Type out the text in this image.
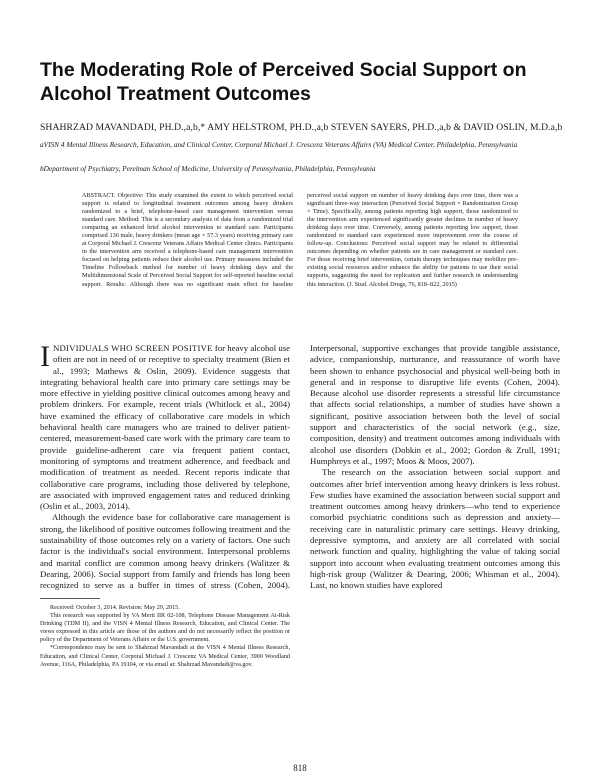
The Moderating Role of Perceived Social Support on
Alcohol Treatment Outcomes
SHAHRZAD MAVANDADI, PH.D.,a,b,* AMY HELSTROM, PH.D.,a,b STEVEN SAYERS, PH.D.,a,b & DAVID OSLIN, M.D.a,b
aVISN 4 Mental Illness Research, Education, and Clinical Center, Corporal Michael J. Crescenz Veterans Affairs (VA) Medical Center, Philadelphia, Pennsylvania
bDepartment of Psychiatry, Perelman School of Medicine, University of Pennsylvania, Philadelphia, Pennsylvania

ABSTRACT. Objective: This study examined the extent to which perceived social support is related to longitudinal treatment outcomes among heavy drinkers randomized to a brief, telephone-based care management intervention versus standard care. Method: This is a secondary analysis of data from a randomized trial comparing an enhanced brief alcohol intervention to standard care. Participants comprised 136 male, heavy drinkers (mean age = 57.3 years) receiving primary care at Corporal Michael J. Crescenz Veterans Affairs Medical Center clinics. Participants in the intervention arm received a telephone-based care management intervention focused on helping patients reduce their alcohol use. Primary measures included the Timeline Followback method for number of heavy drinking days and the Multidimensional Scale of Perceived Social Support for self-reported baseline social support. Results: Although there was no significant main effect for baseline perceived social support on number of heavy drinking days over time, there was a significant three-way interaction (Perceived Social Support × Randomization Group × Time). Specifically, among patients reporting high support, those randomized to the intervention arm experienced significantly greater declines in number of heavy drinking days over time. Conversely, among patients reporting low support, those randomized to standard care experienced more improvement over the course of follow-up. Conclusions: Perceived social support may be related to differential outcomes depending on whether patients are in care management or standard care. For those receiving brief intervention, certain therapy techniques may mobilize pre-existing social resources and/or enhance the ability for patients to use their social supports, suggesting the need for replication and further research in understanding this interaction. (J. Stud. Alcohol Drugs, 76, 818–822, 2015)

INDIVIDUALS WHO SCREEN POSITIVE for heavy alcohol use often are not in need of or receptive to specialty treatment (Bien et al., 1993; Mathews & Oslin, 2009). Evidence suggests that integrating behavioral health care into primary care settings may be more effective in yielding positive clinical outcomes among heavy and problem drinkers. For example, recent trials (Whitlock et al., 2004) have examined the efficacy of collaborative care models in which behavioral health care managers who are trained to deliver patient-centered, measurement-based care work with the primary care team to provide guideline-adherent care via frequent patient contact, monitoring of symptoms and treatment adherence, and feedback and modification of treatment as needed. Recent reports indicate that collaborative care programs, including those delivered by telephone, are associated with improved engagement rates and reduced drinking (Oslin et al., 2003, 2014).

Although the evidence base for collaborative care management is strong, the likelihood of positive outcomes following treatment and the sustainability of those outcomes rely on a variety of factors. One such factor is the individual's social environment. Interpersonal problems and marital conflict are common among heavy drinkers (Walitzer & Dearing, 2006). Social support from family and friends has long been recognized to serve as a buffer in times of stress (Cohen, 2004). Interpersonal, supportive exchanges that provide tangible assistance, advice, companionship, nurturance, and reassurance of worth have been shown to enhance psychosocial and physical well-being both in general and in response to disruptive life events (Cohen, 2004). Because alcohol use disorder represents a stressful life circumstance that affects social relationships, a number of studies have shown a significant, positive association between both the level of social support and characteristics of the social network (e.g., size, composition, density) and treatment outcomes among individuals with alcohol use disorders (Dobkin et al., 2002; Gordon & Zrull, 1991; Humphreys et al., 1997; Moos & Moos, 2007).

The research on the association between social support and outcomes after brief intervention among heavy drinkers is less robust. Few studies have examined the association between social support and treatment outcomes among heavy drinkers—who tend to experience comorbid psychiatric conditions such as depression and anxiety—receiving care in naturalistic primary care settings. Heavy drinking, depressive symptoms, and anxiety are all correlated with social network function and quality, highlighting the value of taking social support into account when evaluating treatment outcomes among this high-risk group (Walitzer & Dearing, 2006; Whisman et al., 2004). Last, no known studies have explored

Received: October 3, 2014. Revision: May 29, 2015.

This research was supported by VA Merit IIR 02-108, Telephone Disease Management At-Risk Drinking (TDM II), and the VISN 4 Mental Illness Research, Education, and Clinical Center. The views expressed in this article are those of the authors and do not necessarily reflect the position or policy of the Department of Veterans Affairs or the U.S. government.

*Correspondence may be sent to Shahrzad Mavandadi at the VISN 4 Mental Illness Research, Education, and Clinical Center, Corporal Michael J. Crescenz VA Medical Center, 3900 Woodland Avenue, 116A, Philadelphia, PA 19104, or via email at: Shahrzad.Mavandadi@va.gov.

818
